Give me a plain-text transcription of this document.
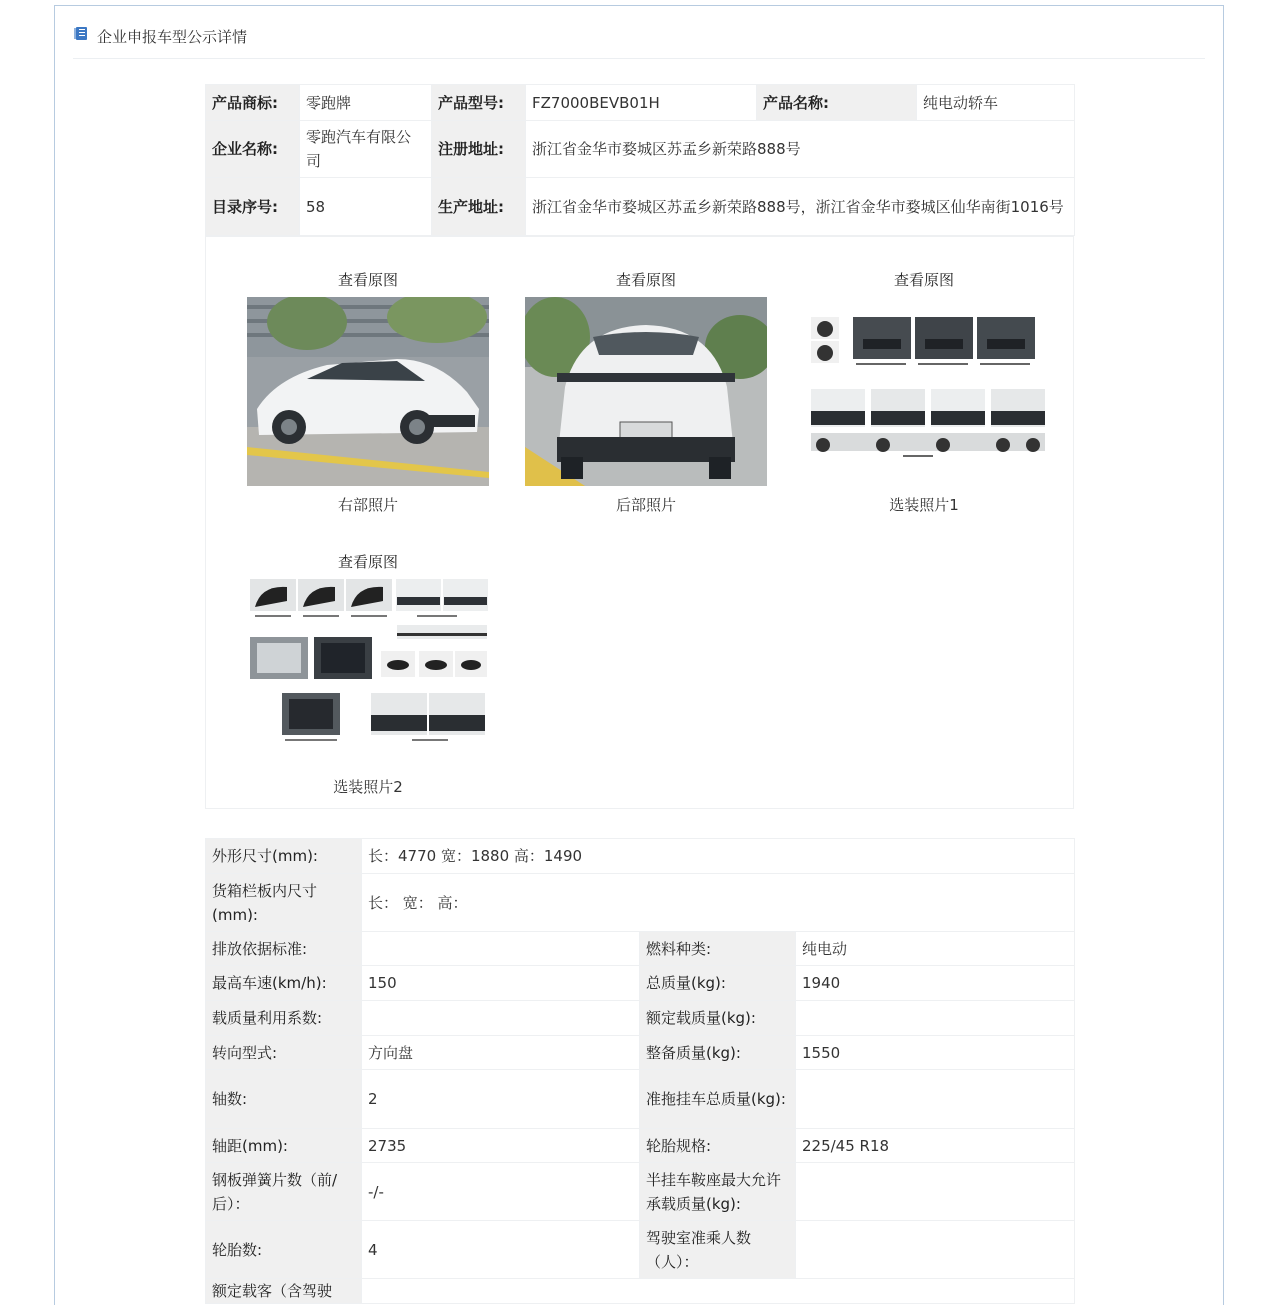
企业申报车型公示详情
产品商标:	零跑牌	产品型号:	FZ7000BEVB01H	产品名称:	纯电动轿车
企业名称:	零跑汽车有限公司	注册地址:	浙江省金华市婺城区苏孟乡新荣路888号		
目录序号:	58	生产地址:	浙江省金华市婺城区苏孟乡新荣路888号，浙江省金华市婺城区仙华南街1016号		
查看原图
右部照片
查看原图
后部照片
查看原图
选装照片1
查看原图
选装照片2
外形尺寸(mm):	长：4770 宽：1880 高：1490		
货箱栏板内尺寸(mm):	长： 宽： 高：		
排放依据标准:		燃料种类:	纯电动
最高车速(km/h):	150	总质量(kg):	1940
载质量利用系数:		额定载质量(kg):	
转向型式:	方向盘	整备质量(kg):	1550
轴数:	2	准拖挂车总质量(kg):	
轴距(mm):	2735	轮胎规格:	225/45 R18
钢板弹簧片数（前/后）：	-/-	半挂车鞍座最大允许承载质量(kg):	
轮胎数:	4	驾驶室准乘人数（人）：	
额定载客（含驾驶			
